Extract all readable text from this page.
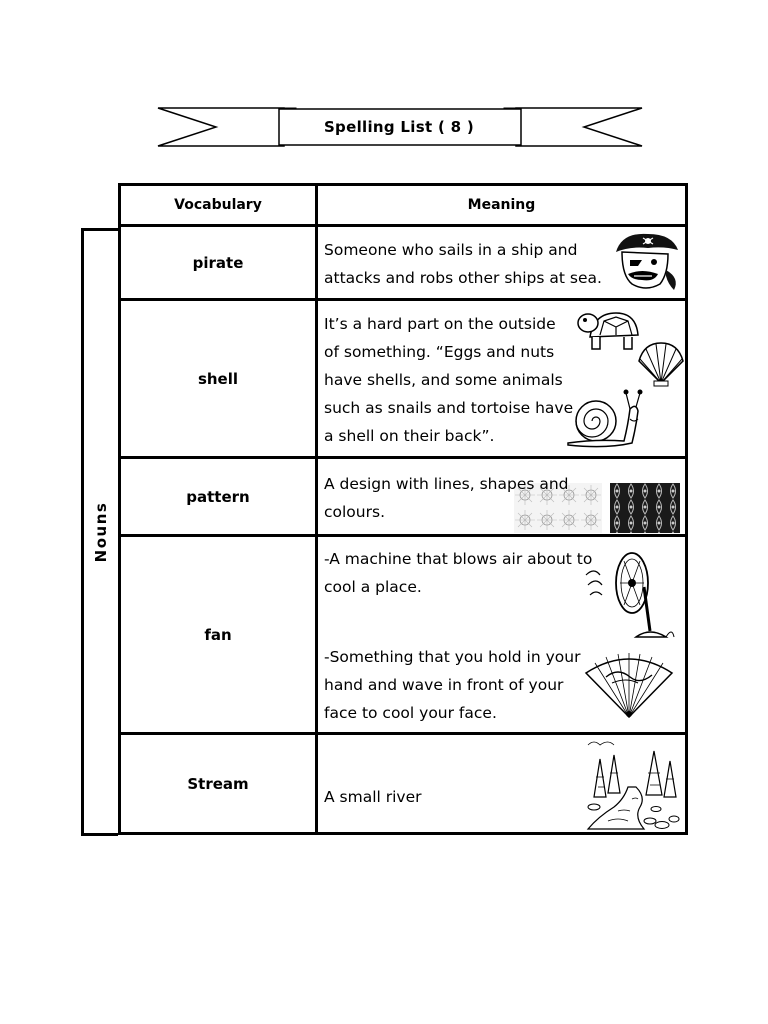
Spelling List ( 8 )
Nouns
Vocabulary	Meaning
pirate	Someone who sails in a ship and
attacks and robs other ships at sea.

shell	It’s a hard part on the outside
of something. “Eggs and nuts
have shells, and some animals
such as snails and tortoise have
a shell on their back”.

pattern	A design with lines, shapes and
colours.

fan	-A machine that blows air about to
cool a place.
-Something that you hold in your
hand and wave in front of your
face to cool your face.

Stream	A small river
